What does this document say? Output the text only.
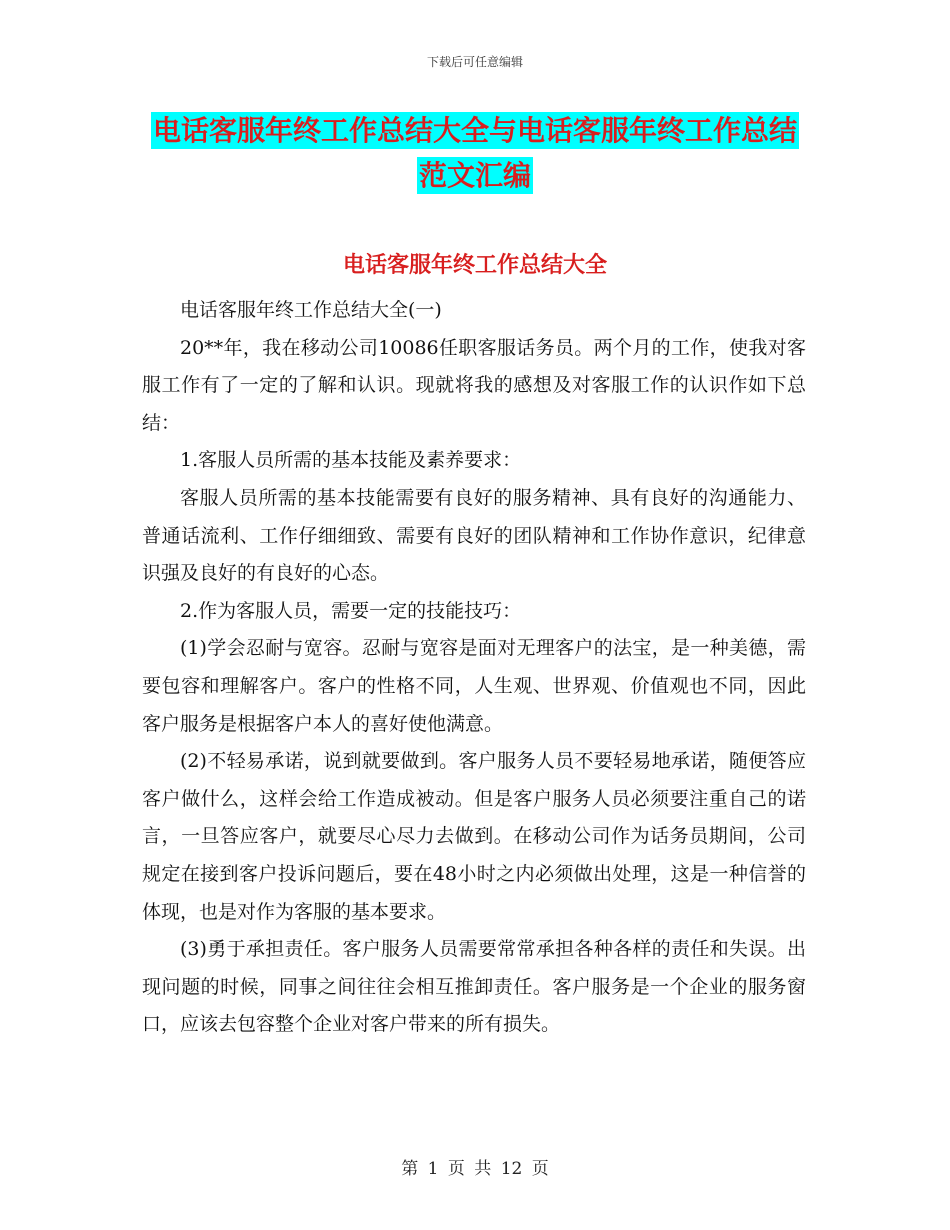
下载后可任意编辑
电话客服年终工作总结大全与电话客服年终工作总结
范文汇编
电话客服年终工作总结大全

电话客服年终工作总结大全(一)

20**年，我在移动公司10086任职客服话务员。两个月的工作，使我对客服工作有了一定的了解和认识。现就将我的感想及对客服工作的认识作如下总结：

1.客服人员所需的基本技能及素养要求：

客服人员所需的基本技能需要有良好的服务精神、具有良好的沟通能力、普通话流利、工作仔细细致、需要有良好的团队精神和工作协作意识，纪律意识强及良好的有良好的心态。

2.作为客服人员，需要一定的技能技巧：

(1)学会忍耐与宽容。忍耐与宽容是面对无理客户的法宝，是一种美德，需要包容和理解客户。客户的性格不同，人生观、世界观、价值观也不同，因此客户服务是根据客户本人的喜好使他满意。

(2)不轻易承诺，说到就要做到。客户服务人员不要轻易地承诺，随便答应客户做什么，这样会给工作造成被动。但是客户服务人员必须要注重自己的诺言，一旦答应客户，就要尽心尽力去做到。在移动公司作为话务员期间，公司规定在接到客户投诉问题后，要在48小时之内必须做出处理，这是一种信誉的体现，也是对作为客服的基本要求。

(3)勇于承担责任。客户服务人员需要常常承担各种各样的责任和失误。出现问题的时候，同事之间往往会相互推卸责任。客户服务是一个企业的服务窗口，应该去包容整个企业对客户带来的所有损失。

第 1 页 共 12 页
